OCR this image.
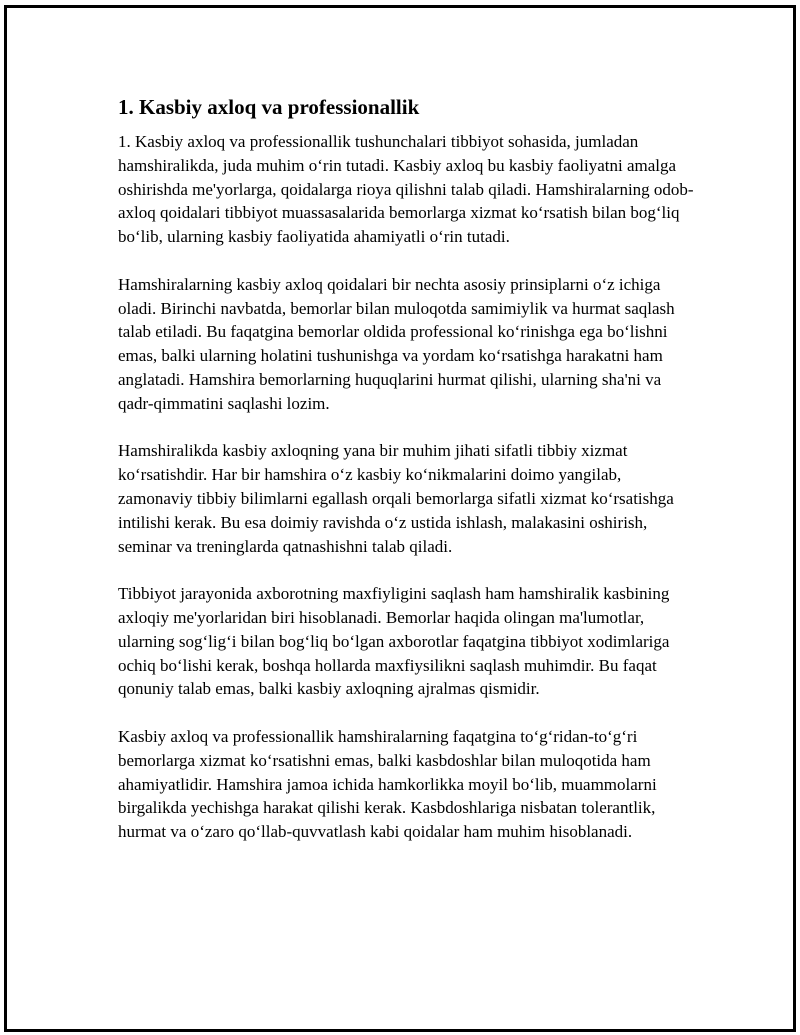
1. Kasbiy axloq va professionallik

1. Kasbiy axloq va professionallik tushunchalari tibbiyot sohasida, jumladan hamshiralikda, juda muhim o‘rin tutadi. Kasbiy axloq bu kasbiy faoliyatni amalga oshirishda me'yorlarga, qoidalarga rioya qilishni talab qiladi. Hamshiralarning odob-axloq qoidalari tibbiyot muassasalarida bemorlarga xizmat ko‘rsatish bilan bog‘liq bo‘lib, ularning kasbiy faoliyatida ahamiyatli o‘rin tutadi.

Hamshiralarning kasbiy axloq qoidalari bir nechta asosiy prinsiplarni o‘z ichiga oladi. Birinchi navbatda, bemorlar bilan muloqotda samimiylik va hurmat saqlash talab etiladi. Bu faqatgina bemorlar oldida professional ko‘rinishga ega bo‘lishni emas, balki ularning holatini tushunishga va yordam ko‘rsatishga harakatni ham anglatadi. Hamshira bemorlarning huquqlarini hurmat qilishi, ularning sha'ni va qadr-qimmatini saqlashi lozim.

Hamshiralikda kasbiy axloqning yana bir muhim jihati sifatli tibbiy xizmat ko‘rsatishdir. Har bir hamshira o‘z kasbiy ko‘nikmalarini doimo yangilab, zamonaviy tibbiy bilimlarni egallash orqali bemorlarga sifatli xizmat ko‘rsatishga intilishi kerak. Bu esa doimiy ravishda o‘z ustida ishlash, malakasini oshirish, seminar va treninglarda qatnashishni talab qiladi.

Tibbiyot jarayonida axborotning maxfiyligini saqlash ham hamshiralik kasbining axloqiy me'yorlaridan biri hisoblanadi. Bemorlar haqida olingan ma'lumotlar, ularning sog‘lig‘i bilan bog‘liq bo‘lgan axborotlar faqatgina tibbiyot xodimlariga ochiq bo‘lishi kerak, boshqa hollarda maxfiysilikni saqlash muhimdir. Bu faqat qonuniy talab emas, balki kasbiy axloqning ajralmas qismidir.

Kasbiy axloq va professionallik hamshiralarning faqatgina to‘g‘ridan-to‘g‘ri bemorlarga xizmat ko‘rsatishni emas, balki kasbdoshlar bilan muloqotida ham ahamiyatlidir. Hamshira jamoa ichida hamkorlikka moyil bo‘lib, muammolarni birgalikda yechishga harakat qilishi kerak. Kasbdoshlariga nisbatan tolerantlik, hurmat va o‘zaro qo‘llab-quvvatlash kabi qoidalar ham muhim hisoblanadi.
